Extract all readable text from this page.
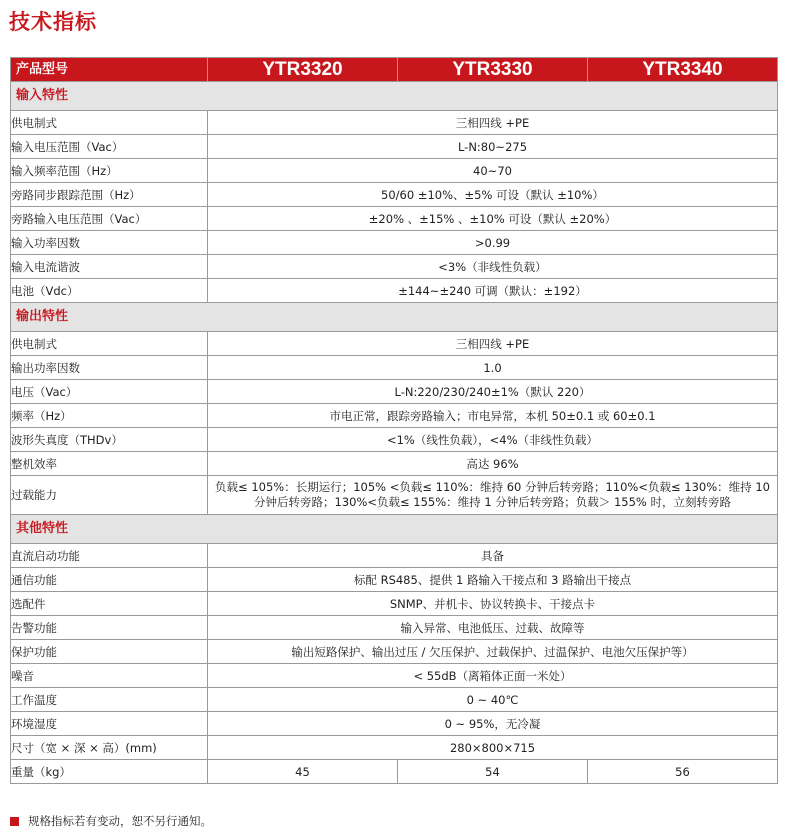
技术指标
产品型号	YTR3320	YTR3330	YTR3340
输入特性			
供电制式	三相四线 +PE		
输入电压范围（Vac）	L-N:80~275		
输入频率范围（Hz）	40~70		
旁路同步跟踪范围（Hz）	50/60 ±10%、±5% 可设（默认 ±10%）		
旁路输入电压范围（Vac）	±20% 、±15% 、±10% 可设（默认 ±20%）		
输入功率因数	>0.99		
输入电流谐波	<3%（非线性负载）		
电池（Vdc）	±144~±240 可调（默认：±192）		
输出特性			
供电制式	三相四线 +PE		
输出功率因数	1.0		
电压（Vac）	L-N:220/230/240±1%（默认 220）		
频率（Hz）	市电正常，跟踪旁路输入；市电异常，本机 50±0.1 或 60±0.1		
波形失真度（THDv）	<1%（线性负载），<4%（非线性负载）		
整机效率	高达 96%		
过载能力	负载≤ 105%：长期运行；105% <负载≤ 110%：维持 60 分钟后转旁路；110%<负载≤ 130%：维持 10 分钟后转旁路；130%<负载≤ 155%：维持 1 分钟后转旁路；负载＞ 155% 时，立刻转旁路		
其他特性			
直流启动功能	具备		
通信功能	标配 RS485、提供 1 路输入干接点和 3 路输出干接点		
选配件	SNMP、并机卡、协议转换卡、干接点卡		
告警功能	输入异常、电池低压、过载、故障等		
保护功能	输出短路保护、输出过压 / 欠压保护、过载保护、过温保护、电池欠压保护等）		
噪音	< 55dB（离箱体正面一米处）		
工作温度	0 ~ 40℃		
环境湿度	0 ~ 95%，无冷凝		
尺寸（宽 × 深 × 高）(mm)	280×800×715		
重量（kg）	45	54	56
规格指标若有变动，恕不另行通知。
